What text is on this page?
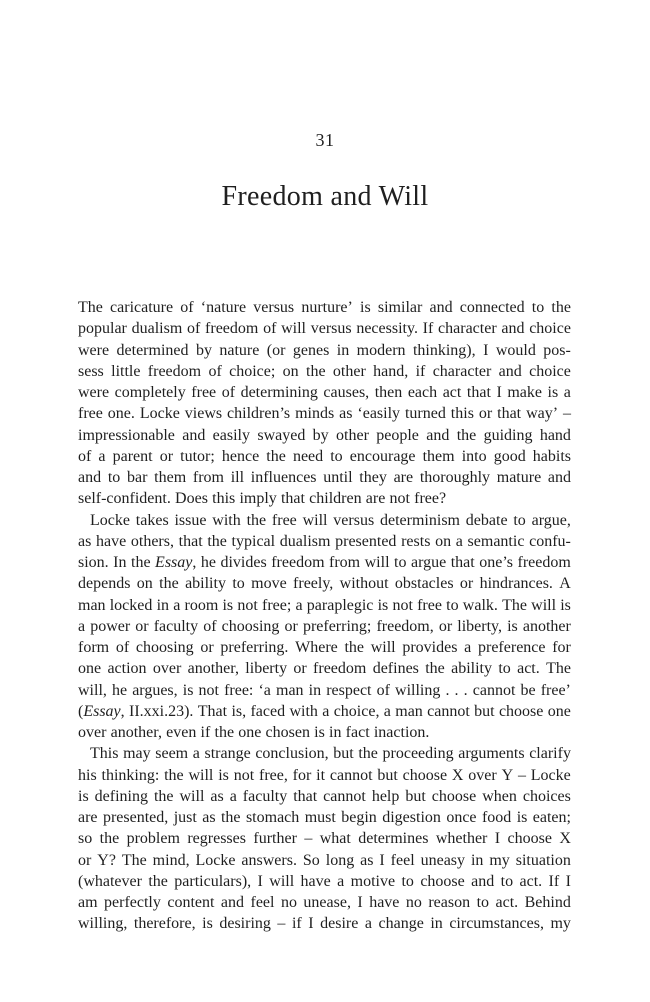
31
Freedom and Will
The caricature of ‘nature versus nurture’ is similar and connected to the
popular dualism of freedom of will versus necessity. If character and choice
were determined by nature (or genes in modern thinking), I would pos-
sess little freedom of choice; on the other hand, if character and choice
were completely free of determining causes, then each act that I make is a
free one. Locke views children’s minds as ‘easily turned this or that way’ –
impressionable and easily swayed by other people and the guiding hand
of a parent or tutor; hence the need to encourage them into good habits
and to bar them from ill influences until they are thoroughly mature and
self-confident. Does this imply that children are not free?
Locke takes issue with the free will versus determinism debate to argue,
as have others, that the typical dualism presented rests on a semantic confu-
sion. In the Essay, he divides freedom from will to argue that one’s freedom
depends on the ability to move freely, without obstacles or hindrances. A
man locked in a room is not free; a paraplegic is not free to walk. The will is
a power or faculty of choosing or preferring; freedom, or liberty, is another
form of choosing or preferring. Where the will provides a preference for
one action over another, liberty or freedom defines the ability to act. The
will, he argues, is not free: ‘a man in respect of willing . . . cannot be free’
(Essay, II.xxi.23). That is, faced with a choice, a man cannot but choose one
over another, even if the one chosen is in fact inaction.
This may seem a strange conclusion, but the proceeding arguments clarify
his thinking: the will is not free, for it cannot but choose X over Y – Locke
is defining the will as a faculty that cannot help but choose when choices
are presented, just as the stomach must begin digestion once food is eaten;
so the problem regresses further – what determines whether I choose X
or Y? The mind, Locke answers. So long as I feel uneasy in my situation
(whatever the particulars), I will have a motive to choose and to act. If I
am perfectly content and feel no unease, I have no reason to act. Behind
willing, therefore, is desiring – if I desire a change in circumstances, my
